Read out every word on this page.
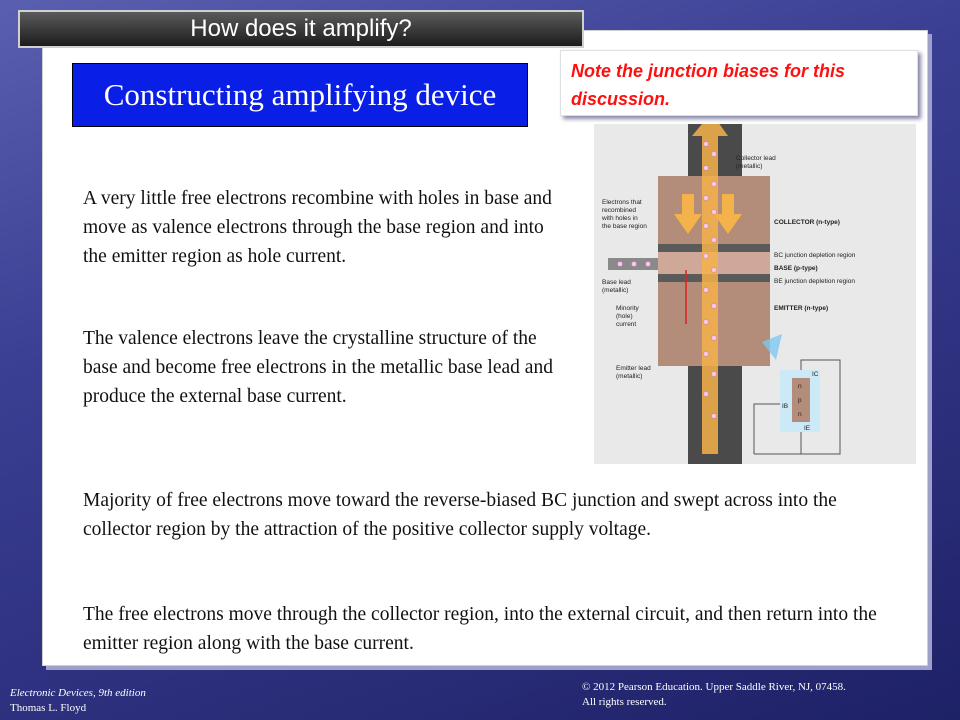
How does it amplify?
Constructing amplifying device
Note the junction biases for this discussion.
A very little free electrons recombine with holes in base and move as valence electrons through the base region and into the emitter region as hole current.
The valence electrons leave the crystalline structure of the base and become free electrons in the metallic base lead and produce the external base current.
Majority of free electrons move toward the reverse-biased BC junction and swept across into the collector region by the attraction of the positive collector supply voltage.
The free electrons move through the collector region, into the external circuit, and then return into the emitter region along with the base current.
Collector lead
(metallic)
Electrons that
recombined
with holes in
the base region
COLLECTOR (n-type)
BC junction depletion region
BASE (p-type)
BE junction depletion region
Base lead
(metallic)
Minority
(hole)
current
EMITTER (n-type)
Emitter lead
(metallic)	IC
IB
IE
n
p
n
Electronic Devices, 9th edition
Thomas L. Floyd
© 2012 Pearson Education. Upper Saddle River, NJ, 07458.
All rights reserved.
